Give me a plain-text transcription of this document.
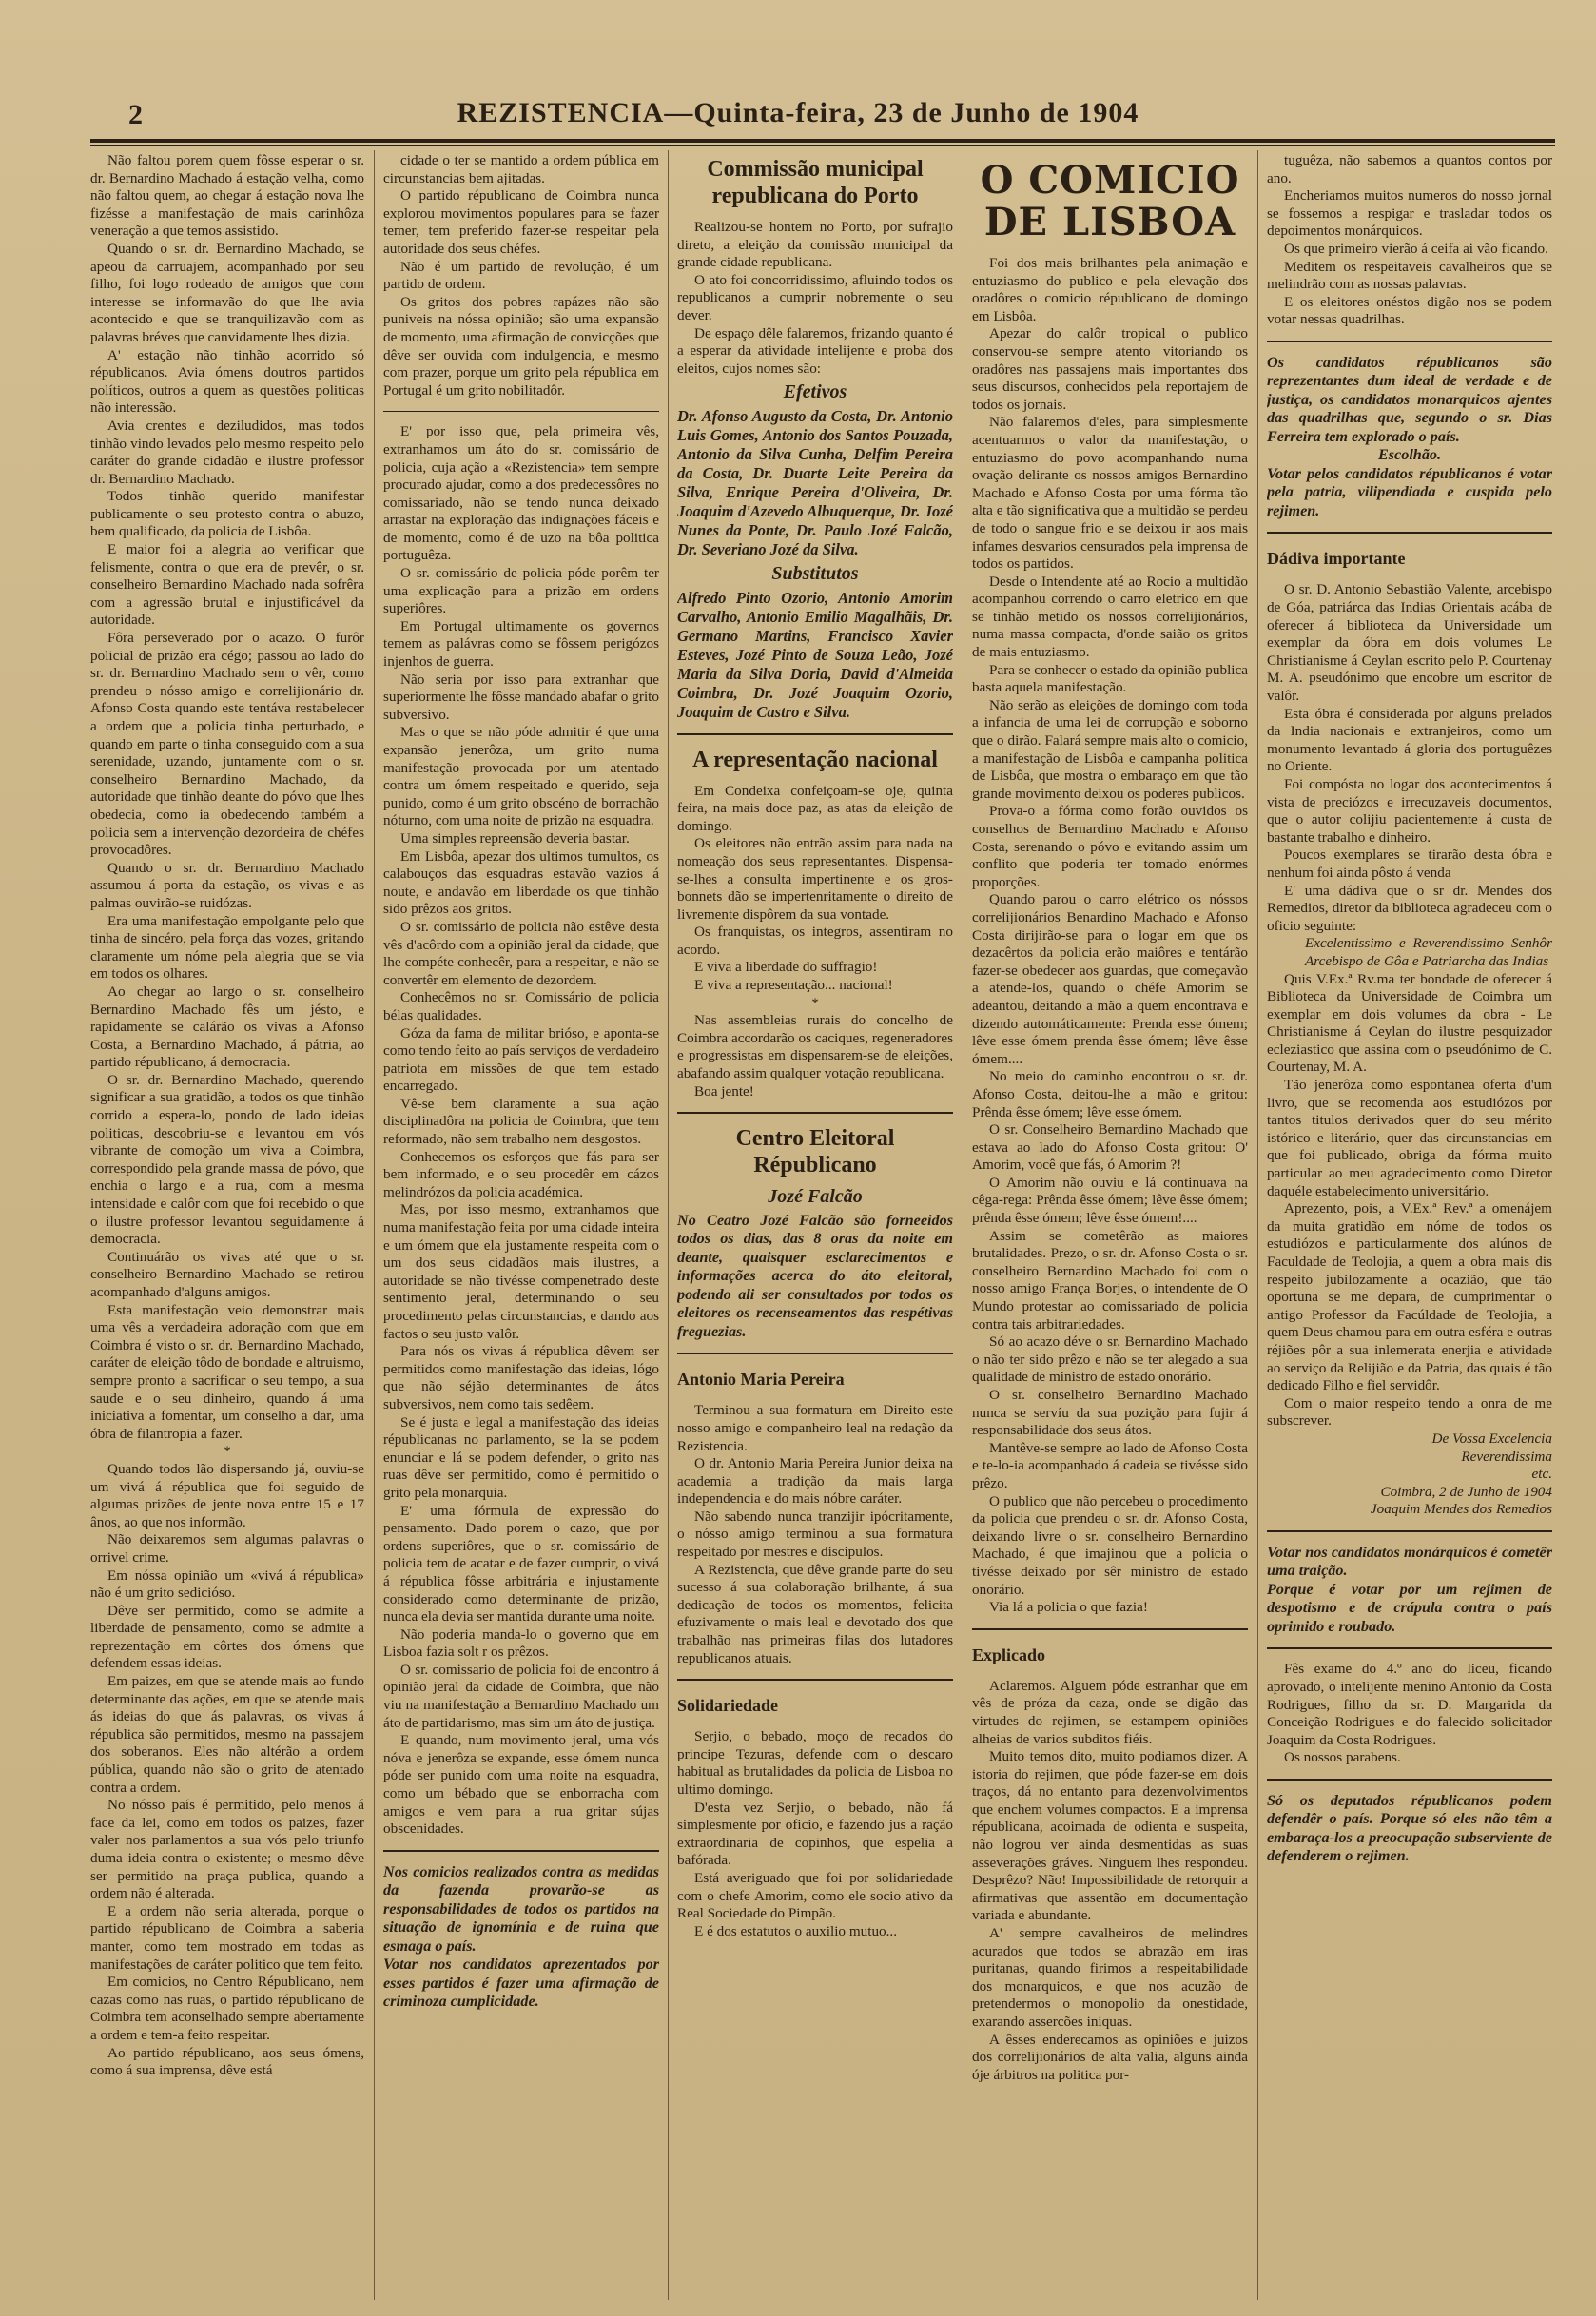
2	REZISTENCIA—Quinta-feira, 23 de Junho de 1904

Não faltou porem quem fôsse esperar o sr. dr. Bernardino Machado á estação velha, como não faltou quem, ao chegar á estação nova lhe fizésse a manifestação de mais carinhôza veneração a que temos assistido.

Quando o sr. dr. Bernardino Machado, se apeou da carruajem, acompanhado por seu filho, foi logo rodeado de amigos que com interesse se informavão do que lhe avia acontecido e que se tranquilizavão com as palavras bréves que canvidamente lhes dizia.

A' estação não tinhão acorrido só républicanos. Avia ómens doutros partidos políticos, outros a quem as questões politicas não interessão.

Avia crentes e deziludidos, mas todos tinhão vindo levados pelo mesmo respeito pelo caráter do grande cidadão e ilustre professor dr. Bernardino Machado.

Todos tinhão querido manifestar publicamente o seu protesto contra o abuzo, bem qualificado, da policia de Lisbôa.

E maior foi a alegria ao verificar que felismente, contra o que era de prevêr, o sr. conselheiro Bernardino Machado nada sofrêra com a agressão brutal e injustificável da autoridade.

Fôra perseverado por o acazo. O furôr policial de prizão era cégo; passou ao lado do sr. dr. Bernardino Machado sem o vêr, como prendeu o nósso amigo e correlijionário dr. Afonso Costa quando este tentáva restabelecer a ordem que a policia tinha perturbado, e quando em parte o tinha conseguido com a sua serenidade, uzando, juntamente com o sr. conselheiro Bernardino Machado, da autoridade que tinhão deante do póvo que lhes obedecia, como ia obedecendo também a policia sem a intervenção dezordeira de chéfes provocadôres.

Quando o sr. dr. Bernardino Machado assumou á porta da estação, os vivas e as palmas ouvirão-se ruidózas.

Era uma manifestação empolgante pelo que tinha de sincéro, pela força das vozes, gritando claramente um nóme pela alegria que se via em todos os olhares.

Ao chegar ao largo o sr. conselheiro Bernardino Machado fês um jésto, e rapidamente se calárão os vivas a Afonso Costa, a Bernardino Machado, á pátria, ao partido républicano, á democracia.

O sr. dr. Bernardino Machado, querendo significar a sua gratidão, a todos os que tinhão corrido a espera-lo, pondo de lado ideias politicas, descobriu-se e levantou em vós vibrante de comoção um viva a Coimbra, correspondido pela grande massa de póvo, que enchia o largo e a rua, com a mesma intensidade e calôr com que foi recebido o que o ilustre professor levantou seguidamente á democracia.

Continuárão os vivas até que o sr. conselheiro Bernardino Machado se retirou acompanhado d'alguns amigos.

Esta manifestação veio demonstrar mais uma vês a verdadeira adoração com que em Coimbra é visto o sr. dr. Bernardino Machado, caráter de eleição tôdo de bondade e altruismo, sempre pronto a sacrificar o seu tempo, a sua saude e o seu dinheiro, quando á uma iniciativa a fomentar, um conselho a dar, uma óbra de filantropia a fazer.

*

Quando todos lão dispersando já, ouviu-se um vivá á républica que foi seguido de algumas prizões de jente nova entre 15 e 17 ânos, ao que nos informão.

Não deixaremos sem algumas palavras o orrivel crime.

Em nóssa opinião um «vivá á républica» não é um grito sedicióso.

Dêve ser permitido, como se admite a liberdade de pensamento, como se admite a reprezentação em côrtes dos ómens que defendem essas ideias.

Em paizes, em que se atende mais ao fundo determinante das ações, em que se atende mais ás ideias do que ás palavras, os vivas á républica são permitidos, mesmo na passajem dos soberanos. Eles não altérão a ordem pública, quando não são o grito de atentado contra a ordem.

No nósso país é permitido, pelo menos á face da lei, como em todos os paizes, fazer valer nos parlamentos a sua vós pelo triunfo duma ideia contra o existente; o mesmo dêve ser permitido na praça publica, quando a ordem não é alterada.

E a ordem não seria alterada, porque o partido républicano de Coimbra a saberia manter, como tem mostrado em todas as manifestações de caráter politico que tem feito.

Em comicios, no Centro Républicano, nem cazas como nas ruas, o partido républicano de Coimbra tem aconselhado sempre abertamente a ordem e tem-a feito respeitar.

Ao partido républicano, aos seus ómens, como á sua imprensa, dêve está

cidade o ter se mantido a ordem pública em circunstancias bem ajitadas.

O partido républicano de Coimbra nunca explorou movimentos populares para se fazer temer, tem preferido fazer-se respeitar pela autoridade dos seus chéfes.

Não é um partido de revolução, é um partido de ordem.

Os gritos dos pobres rapázes não são puniveis na nóssa opinião; são uma expansão de momento, uma afirmação de convicções que dêve ser ouvida com indulgencia, e mesmo com prazer, porque um grito pela républica em Portugal é um grito nobilitadôr.

E' por isso que, pela primeira vês, extranhamos um áto do sr. comissário de policia, cuja ação a «Rezistencia» tem sempre procurado ajudar, como a dos predecessôres no comissariado, não se tendo nunca deixado arrastar na exploração das indignações fáceis e de momento, como é de uzo na bôa politica portuguêza.

O sr. comissário de policia póde porêm ter uma explicação para a prizão em ordens superiôres.

Em Portugal ultimamente os governos temem as palávras como se fôssem perigózos injenhos de guerra.

Não seria por isso para extranhar que superiormente lhe fôsse mandado abafar o grito subversivo.

Mas o que se não póde admitir é que uma expansão jenerôza, um grito numa manifestação provocada por um atentado contra um ómem respeitado e querido, seja punido, como é um grito obscéno de borrachão nóturno, com uma noite de prizão na esquadra.

Uma simples repreensão deveria bastar.

Em Lisbôa, apezar dos ultimos tumultos, os calabouços das esquadras estavão vazios á noute, e andavão em liberdade os que tinhão sido prêzos aos gritos.

O sr. comissário de policia não estêve desta vês d'acôrdo com a opinião jeral da cidade, que lhe compéte conhecêr, para a respeitar, e não se convertêr em elemento de dezordem.

Conhecêmos no sr. Comissário de policia bélas qualidades.

Góza da fama de militar brióso, e aponta-se como tendo feito ao país serviços de verdadeiro patriota em missões de que tem estado encarregado.

Vê-se bem claramente a sua ação disciplinadôra na policia de Coimbra, que tem reformado, não sem trabalho nem desgostos.

Conhecemos os esforços que fás para ser bem informado, e o seu procedêr em cázos melindrózos da policia académica.

Mas, por isso mesmo, extranhamos que numa manifestação feita por uma cidade inteira e um ómem que ela justamente respeita com o um dos seus cidadãos mais ilustres, a autoridade se não tivésse compenetrado deste sentimento jeral, determinando o seu procedimento pelas circunstancias, e dando aos factos o seu justo valôr.

Para nós os vivas á républica dêvem ser permitidos como manifestação das ideias, lógo que não séjão determinantes de átos subversivos, nem como tais sedêem.

Se é justa e legal a manifestação das ideias républicanas no parlamento, se la se podem enunciar e lá se podem defender, o grito nas ruas dêve ser permitido, como é permitido o grito pela monarquia.

E' uma fórmula de expressão do pensamento. Dado porem o cazo, que por ordens superiôres, que o sr. comissário de policia tem de acatar e de fazer cumprir, o vivá á républica fôsse arbitrária e injustamente considerado como determinante de prizão, nunca ela devia ser mantida durante uma noite.

Não poderia manda-lo o governo que em Lisboa fazia solt r os prêzos.

O sr. comissario de policia foi de encontro á opinião jeral da cidade de Coimbra, que não viu na manifestação a Bernardino Machado um áto de partidarismo, mas sim um áto de justiça.

E quando, num movimento jeral, uma vós nóva e jenerôza se expande, esse ómem nunca póde ser punido com uma noite na esquadra, como um bébado que se enborracha com amigos e vem para a rua gritar sújas obscenidades.

Nos comicios realizados contra as medidas da fazenda provarão-se as responsabilidades de todos os partidos na situação de ignomínia e de ruina que esmaga o país.

Votar nos candidatos aprezentados por esses partidos é fazer uma afirmação de criminoza cumplicidade.

Commissão municipal republicana do Porto

Realizou-se hontem no Porto, por sufrajio direto, a eleição da comissão municipal da grande cidade republicana.

O ato foi concorridissimo, afluindo todos os republicanos a cumprir nobremente o seu dever.

De espaço dêle falaremos, frizando quanto é a esperar da atividade intelijente e proba dos eleitos, cujos nomes são:

Efetivos

Dr. Afonso Augusto da Costa, Dr. Antonio Luis Gomes, Antonio dos Santos Pouzada, Antonio da Silva Cunha, Delfim Pereira da Costa, Dr. Duarte Leite Pereira da Silva, Enrique Pereira d'Oliveira, Dr. Joaquim d'Azevedo Albuquerque, Dr. Jozé Nunes da Ponte, Dr. Paulo Jozé Falcão, Dr. Severiano Jozé da Silva.

Substitutos

Alfredo Pinto Ozorio, Antonio Amorim Carvalho, Antonio Emilio Magalhãis, Dr. Germano Martins, Francisco Xavier Esteves, Jozé Pinto de Souza Leão, Jozé Maria da Silva Doria, David d'Almeida Coimbra, Dr. Jozé Joaquim Ozorio, Joaquim de Castro e Silva.

A representação nacional

Em Condeixa confeiçoam-se oje, quinta feira, na mais doce paz, as atas da eleição de domingo.

Os eleitores não entrão assim para nada na nomeação dos seus representantes. Dispensa-se-lhes a consulta impertinente e os gros-bonnets dão se impertenritamente o direito de livremente dispôrem da sua vontade.

Os franquistas, os integros, assentiram no acordo.

E viva a liberdade do suffragio!

E viva a representação... nacional!

*

Nas assembleias rurais do concelho de Coimbra accordarão os caciques, regeneradores e progressistas em dispensarem-se de eleições, abafando assim qualquer votação republicana.

Boa jente!

Centro Eleitoral Républicano
Jozé Falcão

No Ceatro Jozé Falcão são forneeidos todos os dias, das 8 oras da noite em deante, quaisquer esclarecimentos e informações acerca do áto eleitoral, podendo ali ser consultados por todos os eleitores os recenseamentos das respétivas freguezias.

Antonio Maria Pereira

Terminou a sua formatura em Direito este nosso amigo e companheiro leal na redação da Rezistencia.

O dr. Antonio Maria Pereira Junior deixa na academia a tradição da mais larga independencia e do mais nóbre caráter.

Não sabendo nunca tranzijir ipócritamente, o nósso amigo terminou a sua formatura respeitado por mestres e discipulos.

A Rezistencia, que dêve grande parte do seu sucesso á sua colaboração brilhante, á sua dedicação de todos os momentos, felicita efuzivamente o mais leal e devotado dos que trabalhão nas primeiras filas dos lutadores republicanos atuais.

Solidariedade

Serjio, o bebado, moço de recados do principe Tezuras, defende com o descaro habitual as brutalidades da policia de Lisboa no ultimo domingo.

D'esta vez Serjio, o bebado, não fá simplesmente por oficio, e fazendo jus a ração extraordinaria de copinhos, que espelia a bafórada.

Está averiguado que foi por solidariedade com o chefe Amorim, como ele socio ativo da Real Sociedade do Pimpão.

E é dos estatutos o auxilio mutuo...

O COMICIO DE LISBOA

Foi dos mais brilhantes pela animação e entuziasmo do publico e pela elevação dos oradôres o comicio républicano de domingo em Lisbôa.

Apezar do calôr tropical o publico conservou-se sempre atento vitoriando os oradôres nas passajens mais importantes dos seus discursos, conhecidos pela reportajem de todos os jornais.

Não falaremos d'eles, para simplesmente acentuarmos o valor da manifestação, o entuziasmo do povo acompanhando numa ovação delirante os nossos amigos Bernardino Machado e Afonso Costa por uma fórma tão alta e tão significativa que a multidão se perdeu de todo o sangue frio e se deixou ir aos mais infames desvarios censurados pela imprensa de todos os partidos.

Desde o Intendente até ao Rocio a multidão acompanhou correndo o carro eletrico em que se tinhão metido os nossos correlijionários, numa massa compacta, d'onde saião os gritos de mais entuziasmo.

Para se conhecer o estado da opinião publica basta aquela manifestação.

Não serão as eleições de domingo com toda a infancia de uma lei de corrupção e soborno que o dirão. Falará sempre mais alto o comicio, a manifestação de Lisbôa e campanha politica de Lisbôa, que mostra o embaraço em que tão grande movimento deixou os poderes publicos.

Prova-o a fórma como forão ouvidos os conselhos de Bernardino Machado e Afonso Costa, serenando o póvo e evitando assim um conflito que poderia ter tomado enórmes proporções.

Quando parou o carro elétrico os nóssos correlijionários Benardino Machado e Afonso Costa dirijirão-se para o logar em que os dezacêrtos da policia erão maiôres e tentárão fazer-se obedecer aos guardas, que começavão a atende-los, quando o chéfe Amorim se adeantou, deitando a mão a quem encontrava e dizendo automáticamente: Prenda esse ómem; lêve esse ómem prenda êsse ómem; lêve êsse ómem....

No meio do caminho encontrou o sr. dr. Afonso Costa, deitou-lhe a mão e gritou: Prênda êsse ómem; lêve esse ómem.

O sr. Conselheiro Bernardino Machado que estava ao lado do Afonso Costa gritou: O' Amorim, você que fás, ó Amorim ?!

O Amorim não ouviu e lá continuava na cêga-rega: Prênda êsse ómem; lêve êsse ómem; prênda êsse ómem; lêve êsse ómem!....

Assim se cometêrão as maiores brutalidades. Prezo, o sr. dr. Afonso Costa o sr. conselheiro Bernardino Machado foi com o nosso amigo França Borjes, o intendente de O Mundo protestar ao comissariado de policia contra tais arbitrariedades.

Só ao acazo déve o sr. Bernardino Machado o não ter sido prêzo e não se ter alegado a sua qualidade de ministro de estado onorário.

O sr. conselheiro Bernardino Machado nunca se servíu da sua pozição para fujir á responsabilidade dos seus átos.

Mantêve-se sempre ao lado de Afonso Costa e te-lo-ia acompanhado á cadeia se tivésse sido prêzo.

O publico que não percebeu o procedimento da policia que prendeu o sr. dr. Afonso Costa, deixando livre o sr. conselheiro Bernardino Machado, é que imajinou que a policia o tivésse deixado por sêr ministro de estado onorário.

Via lá a policia o que fazia!

Explicado

Aclaremos. Alguem póde estranhar que em vês de próza da caza, onde se digão das virtudes do rejimen, se estampem opiniões alheias de varios subditos fiéis.

Muito temos dito, muito podiamos dizer. A istoria do rejimen, que póde fazer-se em dois traços, dá no entanto para dezenvolvimentos que enchem volumes compactos. E a imprensa républicana, acoimada de odienta e suspeita, não logrou ver ainda desmentidas as suas asseverações gráves. Ninguem lhes respondeu. Desprêzo? Não! Impossibilidade de retorquir a afirmativas que assentão em documentação variada e abundante.

A' sempre cavalheiros de melindres acurados que todos se abrazão em iras puritanas, quando firimos a respeitabilidade dos monarquicos, e que nos acuzão de pretendermos o monopolio da onestidade, exarando assercões iniquas.

A êsses enderecamos as opiniões e juizos dos correlijionários de alta valia, alguns ainda óje árbitros na politica por-

tuguêza, não sabemos a quantos contos por ano.

Encheriamos muitos numeros do nosso jornal se fossemos a respigar e trasladar todos os depoimentos monárquicos.

Os que primeiro vierão á ceifa ai vão ficando.

Meditem os respeitaveis cavalheiros que se melindrão com as nossas palavras.

E os eleitores onéstos digão nos se podem votar nessas quadrilhas.

Os candidatos républicanos são reprezentantes dum ideal de verdade e de justiça, os candidatos monarquicos ajentes das quadrilhas que, segundo o sr. Dias Ferreira tem explorado o país.

Escolhão.

Votar pelos candidatos républicanos é votar pela patria, vilipendiada e cuspida pelo rejimen.

Dádiva importante

O sr. D. Antonio Sebastião Valente, arcebispo de Góa, patriárca das Indias Orientais acába de oferecer á biblioteca da Universidade um exemplar da óbra em dois volumes Le Christianisme á Ceylan escrito pelo P. Courtenay M. A. pseudónimo que encobre um escritor de valôr.

Esta óbra é considerada por alguns prelados da India nacionais e extranjeiros, como um monumento levantado á gloria dos portuguêzes no Oriente.

Foi compósta no logar dos acontecimentos á vista de preciózos e irrecuzaveis documentos, que o autor colijiu pacientemente á custa de bastante trabalho e dinheiro.

Poucos exemplares se tirarão desta óbra e nenhum foi ainda pôsto á venda

E' uma dádiva que o sr dr. Mendes dos Remedios, diretor da biblioteca agradeceu com o oficio seguinte:

Excelentissimo e Reverendissimo Senhôr Arcebispo de Gôa e Patriarcha das Indias

Quis V.Ex.ª Rv.ma ter bondade de oferecer á Biblioteca da Universidade de Coimbra um exemplar em dois volumes da obra - Le Christianisme á Ceylan do ilustre pesquizador ecleziastico que assina com o pseudónimo de C. Courtenay, M. A.

Tão jenerôza como espontanea oferta d'um livro, que se recomenda aos estudiózos por tantos titulos derivados quer do seu mérito istórico e literário, quer das circunstancias em que foi publicado, obriga da fórma muito particular ao meu agradecimento como Diretor daquéle estabelecimento universitário.

Aprezento, pois, a V.Ex.ª Rev.ª a omenájem da muita gratidão em nóme de todos os estudiózos e particularmente dos alúnos de Faculdade de Teolojia, a quem a obra mais dis respeito jubilozamente a ocazião, que tão oportuna se me depara, de cumprimentar o antigo Professor da Facúldade de Teolojia, a quem Deus chamou para em outra esféra e outras réjiões pôr a sua inlemerata enerjia e atividade ao serviço da Relijião e da Patria, das quais é tão dedicado Filho e fiel servidôr.

Com o maior respeito tendo a onra de me subscrever.

De Vossa Excelencia

Reverendissima

etc.

Coimbra, 2 de Junho de 1904

Joaquim Mendes dos Remedios

Votar nos candidatos monárquicos é cometêr uma traição.

Porque é votar por um rejimen de despotismo e de crápula contra o país oprimido e roubado.

Fês exame do 4.º ano do liceu, ficando aprovado, o intelijente menino Antonio da Costa Rodrigues, filho da sr. D. Margarida da Conceição Rodrigues e do falecido solicitador Joaquim da Costa Rodrigues.

Os nossos parabens.

Só os deputados républicanos podem defendêr o país. Porque só eles não têm a embaraça-los a preocupação subserviente de defenderem o rejimen.
